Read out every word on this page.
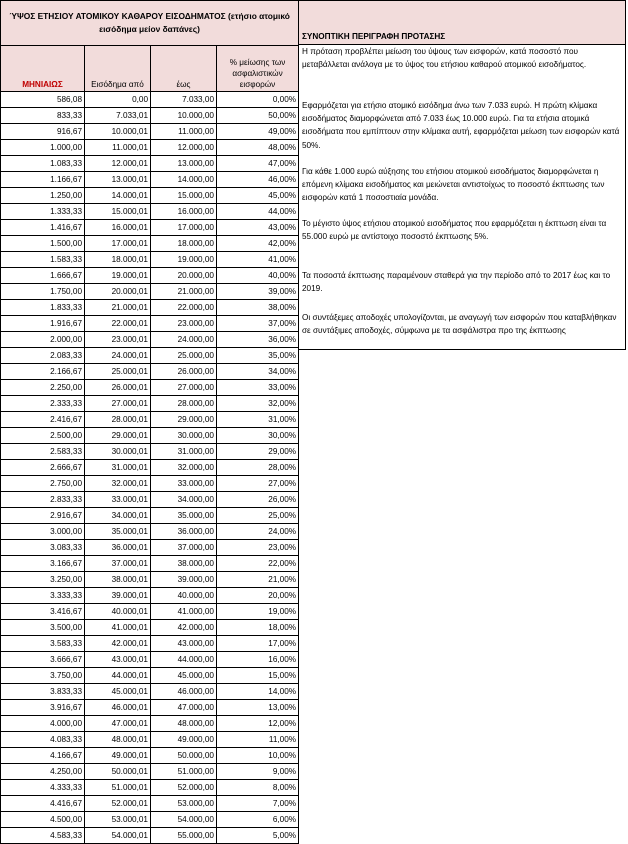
ΎΨΟΣ ΕΤΗΣΙΟΥ ΑΤΟΜΙΚΟΥ ΚΑΘΑΡΟΥ ΕΙΣΟΔΗΜΑΤΟΣ (ετήσιο ατομικό εισόδημα μείον δαπάνες)			
ΜΗΝΙΑΙΩΣ	Εισόδημα από	έως	% μείωσης των ασφαλιστικών εισφορών
586,08	0,00	7.033,00	0,00%
833,33	7.033,01	10.000,00	50,00%
916,67	10.000,01	11.000,00	49,00%
1.000,00	11.000,01	12.000,00	48,00%
1.083,33	12.000,01	13.000,00	47,00%
1.166,67	13.000,01	14.000,00	46,00%
1.250,00	14.000,01	15.000,00	45,00%
1.333,33	15.000,01	16.000,00	44,00%
1.416,67	16.000,01	17.000,00	43,00%
1.500,00	17.000,01	18.000,00	42,00%
1.583,33	18.000,01	19.000,00	41,00%
1.666,67	19.000,01	20.000,00	40,00%
1.750,00	20.000,01	21.000,00	39,00%
1.833,33	21.000,01	22.000,00	38,00%
1.916,67	22.000,01	23.000,00	37,00%
2.000,00	23.000,01	24.000,00	36,00%
2.083,33	24.000,01	25.000,00	35,00%
2.166,67	25.000,01	26.000,00	34,00%
2.250,00	26.000,01	27.000,00	33,00%
2.333,33	27.000,01	28.000,00	32,00%
2.416,67	28.000,01	29.000,00	31,00%
2.500,00	29.000,01	30.000,00	30,00%
2.583,33	30.000,01	31.000,00	29,00%
2.666,67	31.000,01	32.000,00	28,00%
2.750,00	32.000,01	33.000,00	27,00%
2.833,33	33.000,01	34.000,00	26,00%
2.916,67	34.000,01	35.000,00	25,00%
3.000,00	35.000,01	36.000,00	24,00%
3.083,33	36.000,01	37.000,00	23,00%
3.166,67	37.000,01	38.000,00	22,00%
3.250,00	38.000,01	39.000,00	21,00%
3.333,33	39.000,01	40.000,00	20,00%
3.416,67	40.000,01	41.000,00	19,00%
3.500,00	41.000,01	42.000,00	18,00%
3.583,33	42.000,01	43.000,00	17,00%
3.666,67	43.000,01	44.000,00	16,00%
3.750,00	44.000,01	45.000,00	15,00%
3.833,33	45.000,01	46.000,00	14,00%
3.916,67	46.000,01	47.000,00	13,00%
4.000,00	47.000,01	48.000,00	12,00%
4.083,33	48.000,01	49.000,00	11,00%
4.166,67	49.000,01	50.000,00	10,00%
4.250,00	50.000,01	51.000,00	9,00%
4.333,33	51.000,01	52.000,00	8,00%
4.416,67	52.000,01	53.000,00	7,00%
4.500,00	53.000,01	54.000,00	6,00%
4.583,33	54.000,01	55.000,00	5,00%
ΣΥΝΟΠΤΙΚΗ ΠΕΡΙΓΡΑΦΗ ΠΡΟΤΑΣΗΣ
Η πρόταση προβλέπει μείωση του ύψους των εισφορών, κατά ποσοστό που μεταβάλλεται ανάλογα με το ύψος του ετήσιου καθαρού ατομικού εισοδήματος.
Εφαρμόζεται για ετήσιο ατομικό εισόδημα άνω των 7.033 ευρώ. Η πρώτη κλίμακα εισοδήματος διαμορφώνεται από 7.033 έως 10.000 ευρώ. Για τα ετήσια ατομικά εισοδήματα που εμπίπτουν στην κλίμακα αυτή, εφαρμόζεται μείωση των εισφορών κατά 50%.
Για κάθε 1.000 ευρώ αύξησης του ετήσιου ατομικού εισοδήματος διαμορφώνεται η επόμενη κλίμακα εισοδήματος και μειώνεται αντιστοίχως το ποσοστό έκπτωσης των εισφορών κατά 1 ποσοστιαία μονάδα.
Το μέγιστο ύψος ετήσιου ατομικού εισοδήματος που εφαρμόζεται η έκπτωση είναι τα 55.000 ευρώ με αντίστοιχο ποσοστό έκπτωσης 5%.
Τα ποσοστά έκπτωσης παραμένουν σταθερά για την περίοδο από το 2017 έως και το 2019.
Οι συντάξεμες αποδοχές υπολογίζονται, με αναγωγή των εισφορών που καταβλήθηκαν σε συντάξιμες αποδοχές, σύμφωνα με τα ασφάλιστρα προ της έκπτωσης
